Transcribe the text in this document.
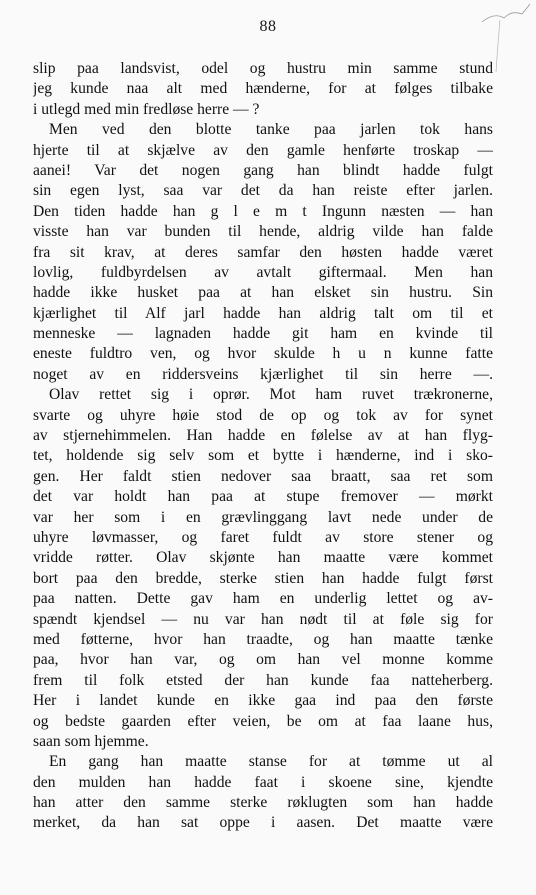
88
slip paa landsvist, odel og hustru min samme stund
jeg kunde naa alt med hænderne, for at følges tilbake
i utlegd med min fredløse herre — ?
Men ved den blotte tanke paa jarlen tok hans
hjerte til at skjælve av den gamle henførte troskap —
aanei! Var det nogen gang han blindt hadde fulgt
sin egen lyst, saa var det da han reiste efter jarlen.
Den tiden hadde han g l e m t Ingunn næsten — han
visste han var bunden til hende, aldrig vilde han falde
fra sit krav, at deres samfar den høsten hadde været
lovlig, fuldbyrdelsen av avtalt giftermaal. Men han
hadde ikke husket paa at han elsket sin hustru. Sin
kjærlighet til Alf jarl hadde han aldrig talt om til et
menneske — lagnaden hadde git ham en kvinde til
eneste fuldtro ven, og hvor skulde h u n kunne fatte
noget av en riddersveins kjærlighet til sin herre —.
Olav rettet sig i oprør. Mot ham ruvet trækronerne,
svarte og uhyre høie stod de op og tok av for synet
av stjernehimmelen. Han hadde en følelse av at han flyg-
tet, holdende sig selv som et bytte i hænderne, ind i sko-
gen. Her faldt stien nedover saa braatt, saa ret som
det var holdt han paa at stupe fremover — mørkt
var her som i en grævlinggang lavt nede under de
uhyre løvmasser, og faret fuldt av store stener og
vridde røtter. Olav skjønte han maatte være kommet
bort paa den bredde, sterke stien han hadde fulgt først
paa natten. Dette gav ham en underlig lettet og av-
spændt kjendsel — nu var han nødt til at føle sig for
med føtterne, hvor han traadte, og han maatte tænke
paa, hvor han var, og om han vel monne komme
frem til folk etsted der han kunde faa natteherberg.
Her i landet kunde en ikke gaa ind paa den første
og bedste gaarden efter veien, be om at faa laane hus,
saan som hjemme.
En gang han maatte stanse for at tømme ut al
den mulden han hadde faat i skoene sine, kjendte
han atter den samme sterke røklugten som han hadde
merket, da han sat oppe i aasen. Det maatte være
